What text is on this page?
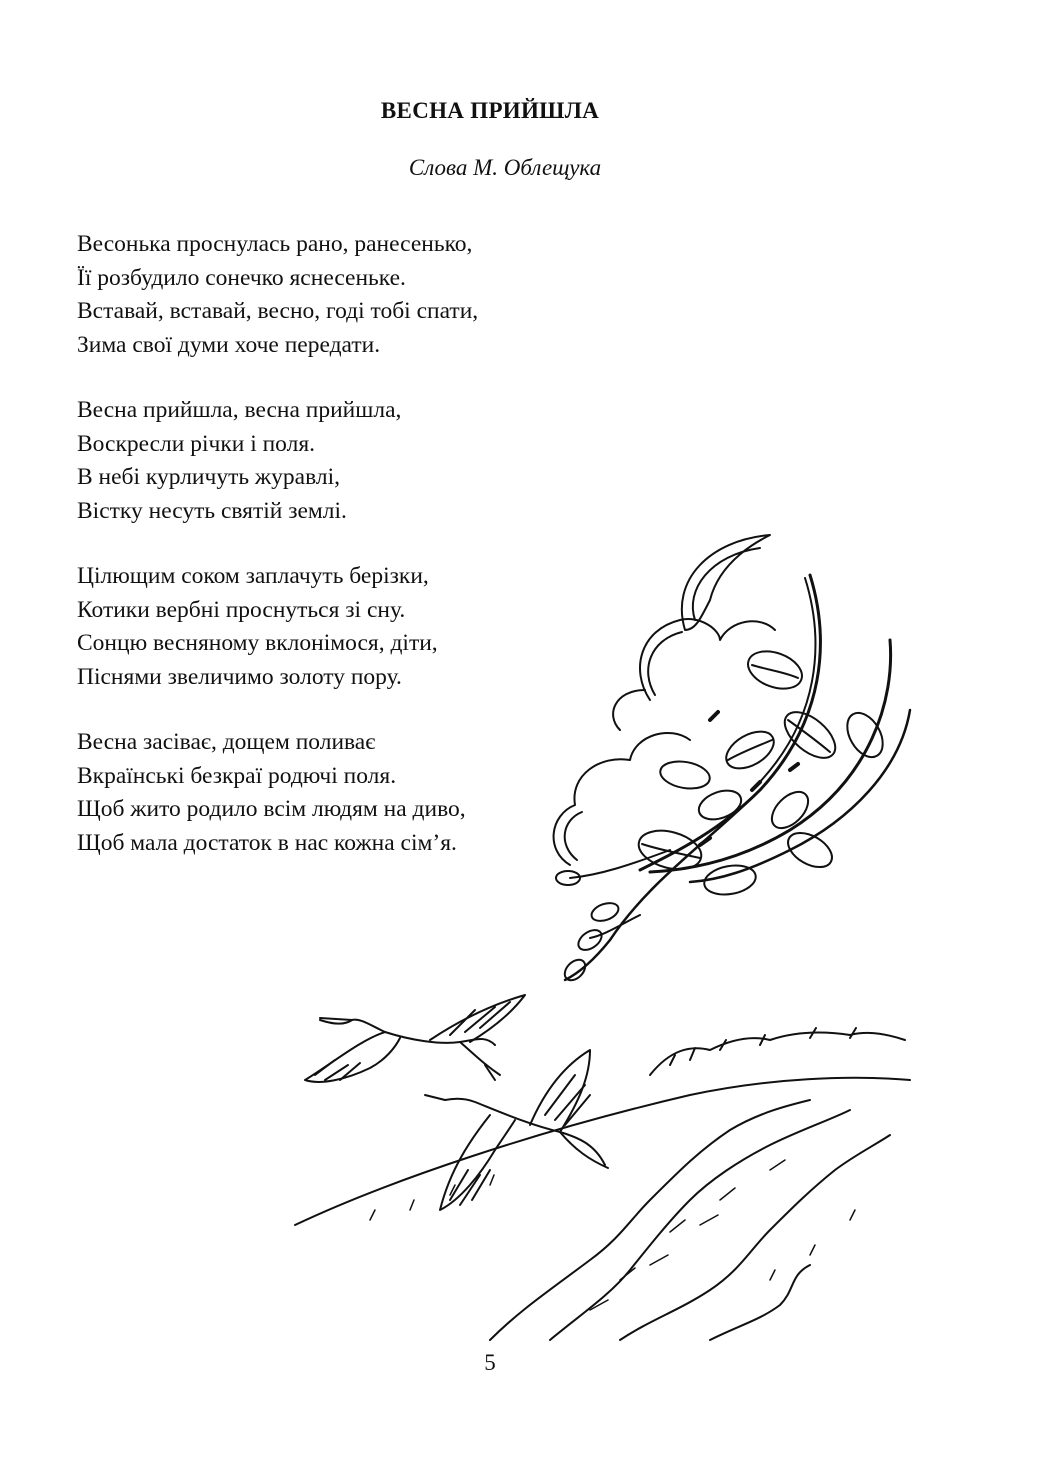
ВЕСНА ПРИЙШЛА
Слова М. Облещука
Весонька проснулась рано, ранесенько,
Її розбудило сонечко яснесеньке.
Вставай, вставай, весно, годі тобі спати,
Зима свої думи хоче передати.
Весна прийшла, весна прийшла,
Воскресли річки і поля.
В небі курличуть журавлі,
Вістку несуть святій землі.
Цілющим соком заплачуть берізки,
Котики вербні проснуться зі сну.
Сонцю весняному вклонімося, діти,
Піснями звеличимо золоту пору.
Весна засіває, дощем поливає
Вкраїнські безкраї родючі поля.
Щоб жито родило всім людям на диво,
Щоб мала достаток в нас кожна сім’я.
5
